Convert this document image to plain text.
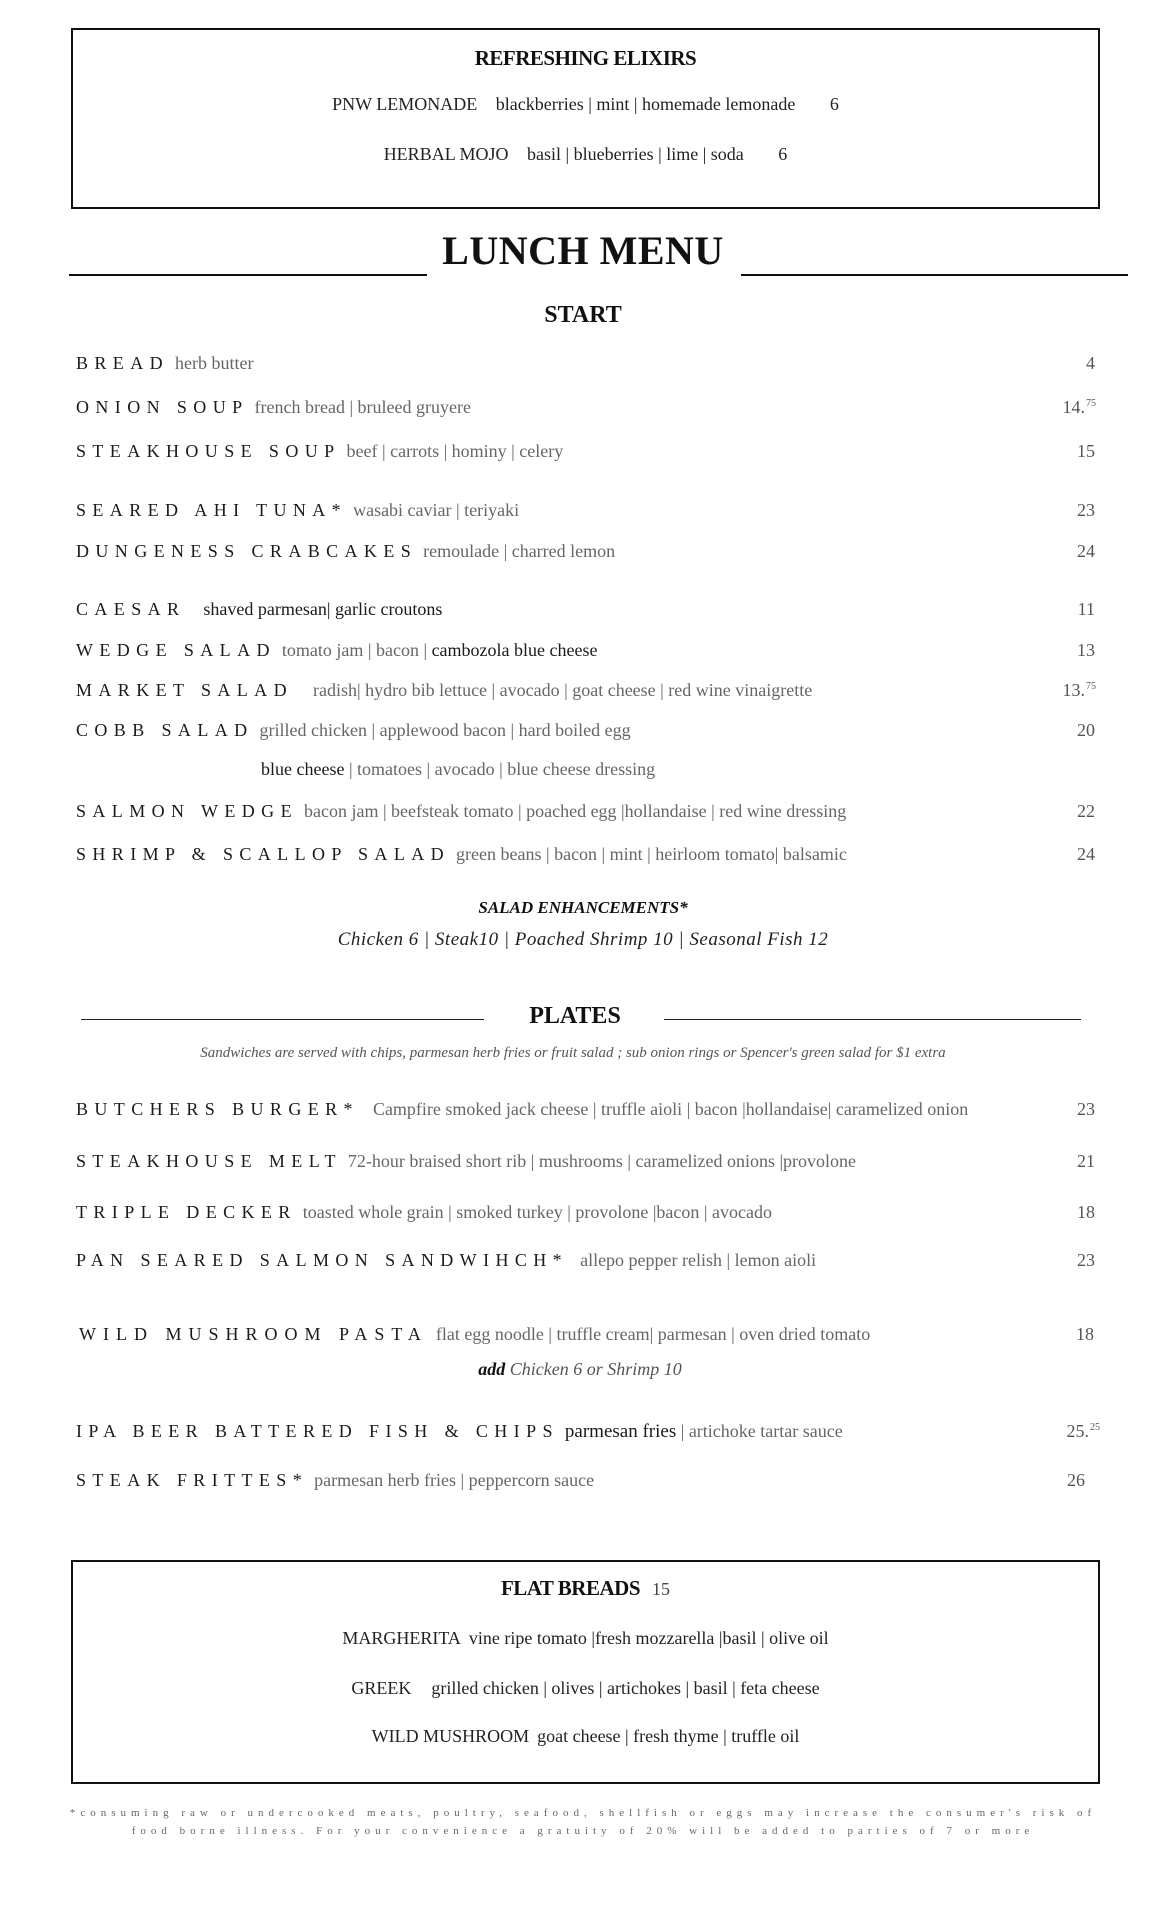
REFRESHING ELIXIRS
PNW LEMONADE blackberries | mint | homemade lemonade 6
HERBAL MOJO basil | blueberries | lime | soda 6
LUNCH MENU
START
BREAD herb butter	4
ONION SOUP french bread | bruleed gruyere	14.75
STEAKHOUSE SOUP beef | carrots | hominy | celery	15
SEARED AHI TUNA* wasabi caviar | teriyaki	23
DUNGENESS CRABCAKES remoulade | charred lemon	24
CAESAR shaved parmesan| garlic croutons	11
WEDGE SALAD tomato jam | bacon | cambozola blue cheese	13
MARKET SALAD radish| hydro bib lettuce | avocado | goat cheese | red wine vinaigrette	13.75
COBB SALAD grilled chicken | applewood bacon | hard boiled egg	20
blue cheese | tomatoes | avocado | blue cheese dressing
SALMON WEDGE bacon jam | beefsteak tomato | poached egg |hollandaise | red wine dressing	22
SHRIMP & SCALLOP SALAD green beans | bacon | mint | heirloom tomato| balsamic	24
SALAD ENHANCEMENTS*
Chicken 6 | Steak10 | Poached Shrimp 10 | Seasonal Fish 12
PLATES
Sandwiches are served with chips, parmesan herb fries or fruit salad ; sub onion rings or Spencer's green salad for $1 extra
BUTCHERS BURGER* Campfire smoked jack cheese | truffle aioli | bacon |hollandaise| caramelized onion	23
STEAKHOUSE MELT 72-hour braised short rib | mushrooms | caramelized onions |provolone	21
TRIPLE DECKER toasted whole grain | smoked turkey | provolone |bacon | avocado	18
PAN SEARED SALMON SANDWIHCH* allepo pepper relish | lemon aioli	23
WILD MUSHROOM PASTA flat egg noodle | truffle cream| parmesan | oven dried tomato	18
add Chicken 6 or Shrimp 10
IPA BEER BATTERED FISH & CHIPS parmesan fries | artichoke tartar sauce	25.25
STEAK FRITTES* parmesan herb fries | peppercorn sauce	26
FLAT BREADS 15
MARGHERITA vine ripe tomato |fresh mozzarella |basil | olive oil
GREEK grilled chicken | olives | artichokes | basil | feta cheese
WILD MUSHROOM goat cheese | fresh thyme | truffle oil
*consuming raw or undercooked meats, poultry, seafood, shellfish or eggs may increase the consumer's risk of food borne illness. For your convenience a gratuity of 20% will be added to parties of 7 or more
